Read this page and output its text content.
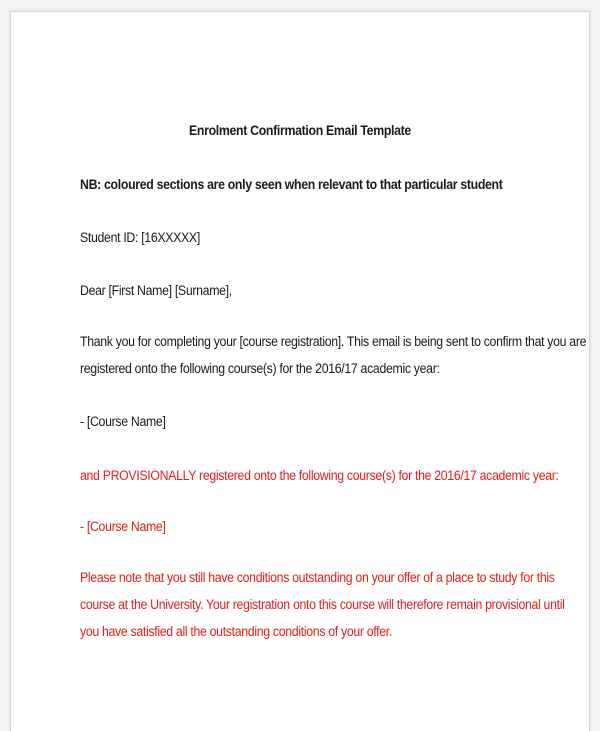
Enrolment Confirmation Email Template

NB: coloured sections are only seen when relevant to that particular student

Student ID: [16XXXXX]

Dear [First Name] [Surname],

Thank you for completing your [course registration]. This email is being sent to confirm that you are

registered onto the following course(s) for the 2016/17 academic year:

- [Course Name]

and PROVISIONALLY registered onto the following course(s) for the 2016/17 academic year:

- [Course Name]

Please note that you still have conditions outstanding on your offer of a place to study for this

course at the University. Your registration onto this course will therefore remain provisional until

you have satisfied all the outstanding conditions of your offer.
